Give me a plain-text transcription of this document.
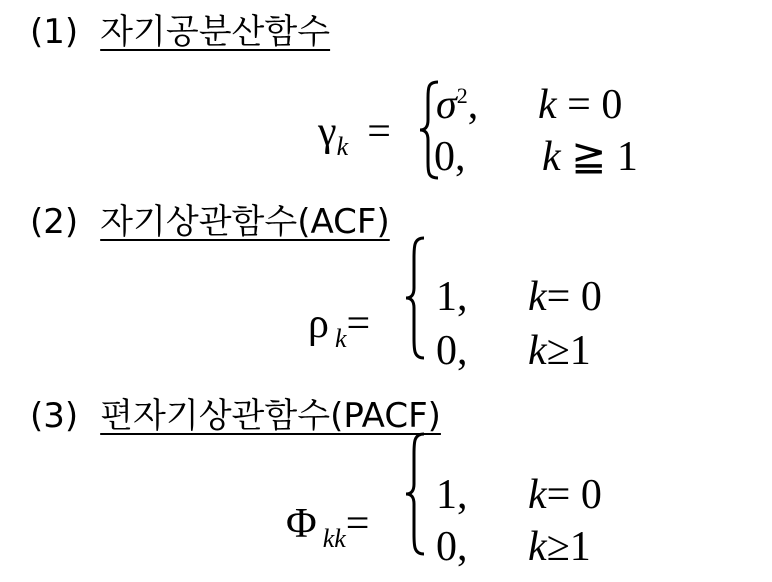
(1) 자기공분산함수
γk =
$\sigma^2$, k = 0
0, k ≧ 1
(2) 자기상관함수(ACF)
ρk=
1, k= 0
0, k≥1
(3) 편자기상관함수(PACF)
Φkk=
1, k= 0
0, k≥1
